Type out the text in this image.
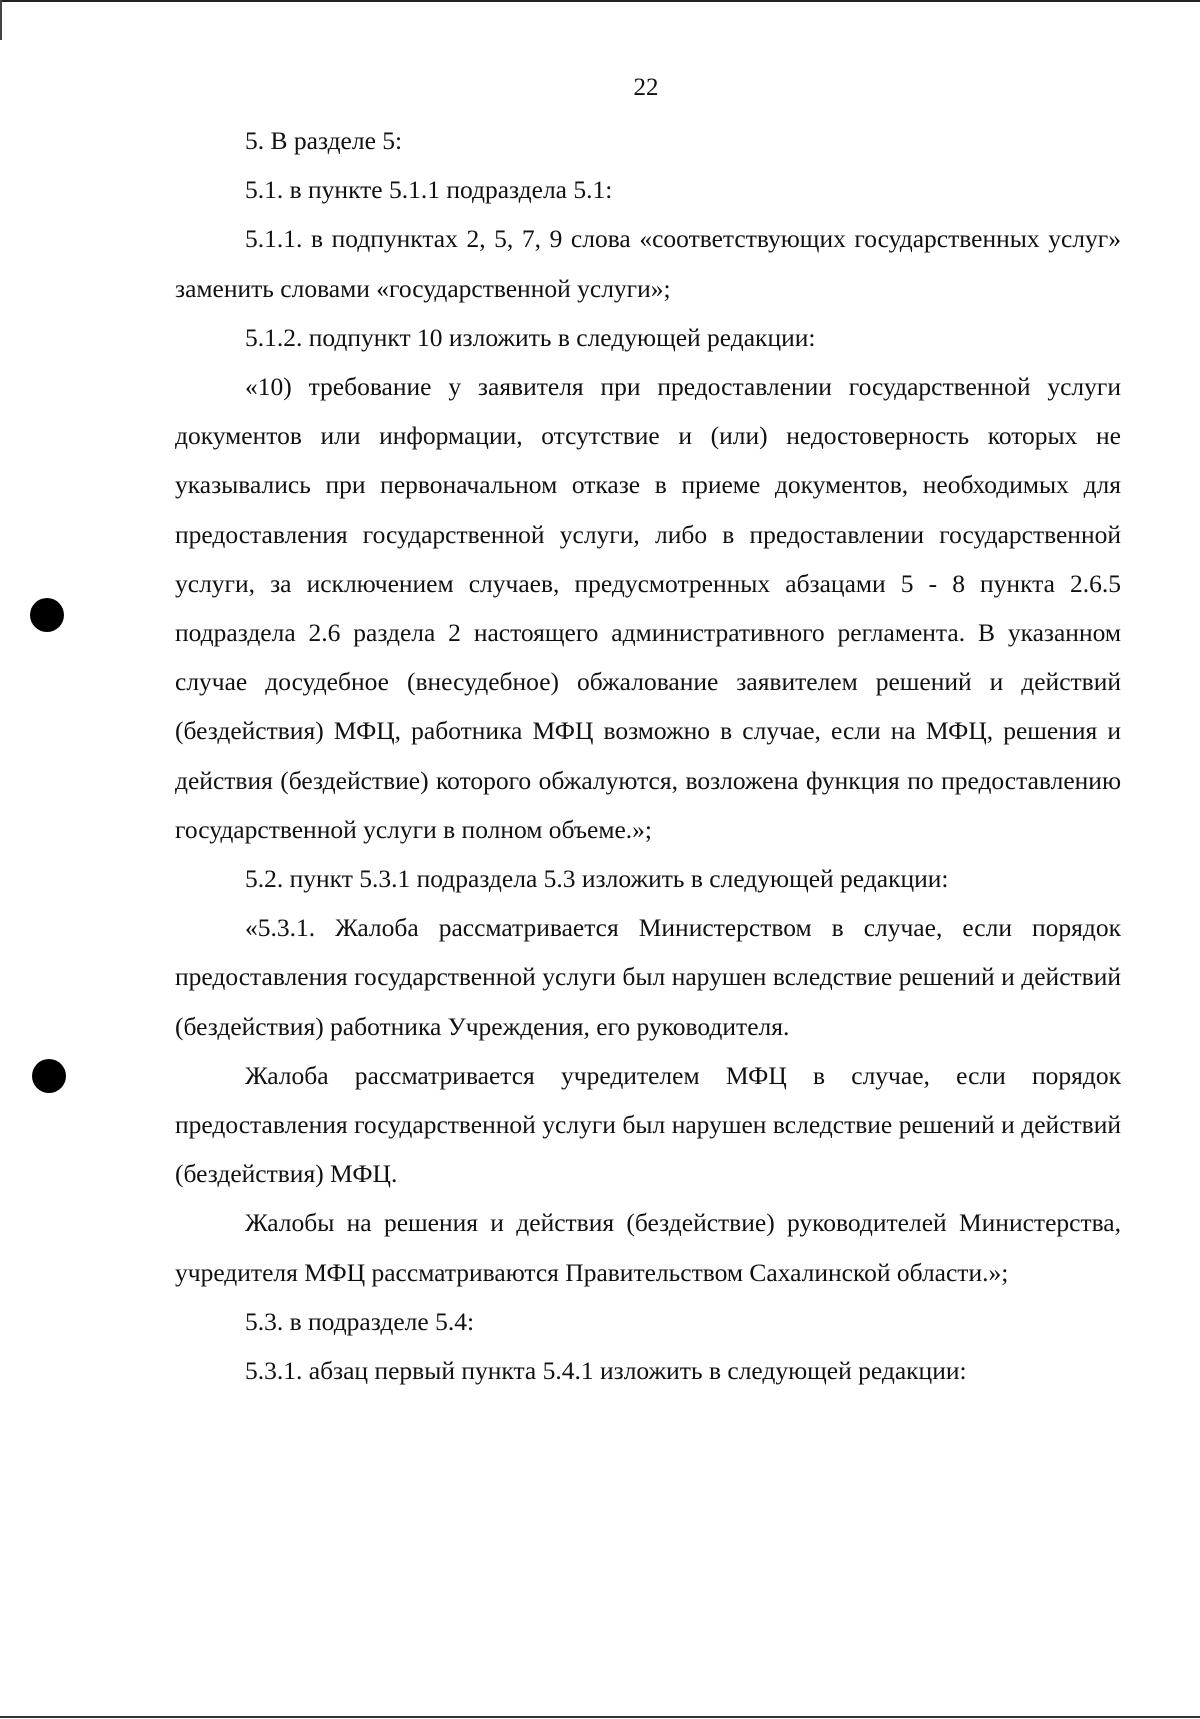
22

5. В разделе 5:

5.1. в пункте 5.1.1 подраздела 5.1:

5.1.1. в подпунктах 2, 5, 7, 9 слова «соответствующих государственных услуг» заменить словами «государственной услуги»;

5.1.2. подпункт 10 изложить в следующей редакции:

«10) требование у заявителя при предоставлении государственной услуги документов или информации, отсутствие и (или) недостоверность которых не указывались при первоначальном отказе в приеме документов, необходимых для предоставления государственной услуги, либо в предоставлении государственной услуги, за исключением случаев, предусмотренных абзацами 5 - 8 пункта 2.6.5 подраздела 2.6 раздела 2 настоящего административного регламента. В указанном случае досудебное (внесудебное) обжалование заявителем решений и действий (бездействия) МФЦ, работника МФЦ возможно в случае, если на МФЦ, решения и действия (бездействие) которого обжалуются, возложена функция по предоставлению государственной услуги в полном объеме.»;

5.2. пункт 5.3.1 подраздела 5.3 изложить в следующей редакции:

«5.3.1. Жалоба рассматривается Министерством в случае, если порядок предоставления государственной услуги был нарушен вследствие решений и действий (бездействия) работника Учреждения, его руководителя.

Жалоба рассматривается учредителем МФЦ в случае, если порядок предоставления государственной услуги был нарушен вследствие решений и действий (бездействия) МФЦ.

Жалобы на решения и действия (бездействие) руководителей Министерства, учредителя МФЦ рассматриваются Правительством Сахалинской области.»;

5.3. в подразделе 5.4:

5.3.1. абзац первый пункта 5.4.1 изложить в следующей редакции:
